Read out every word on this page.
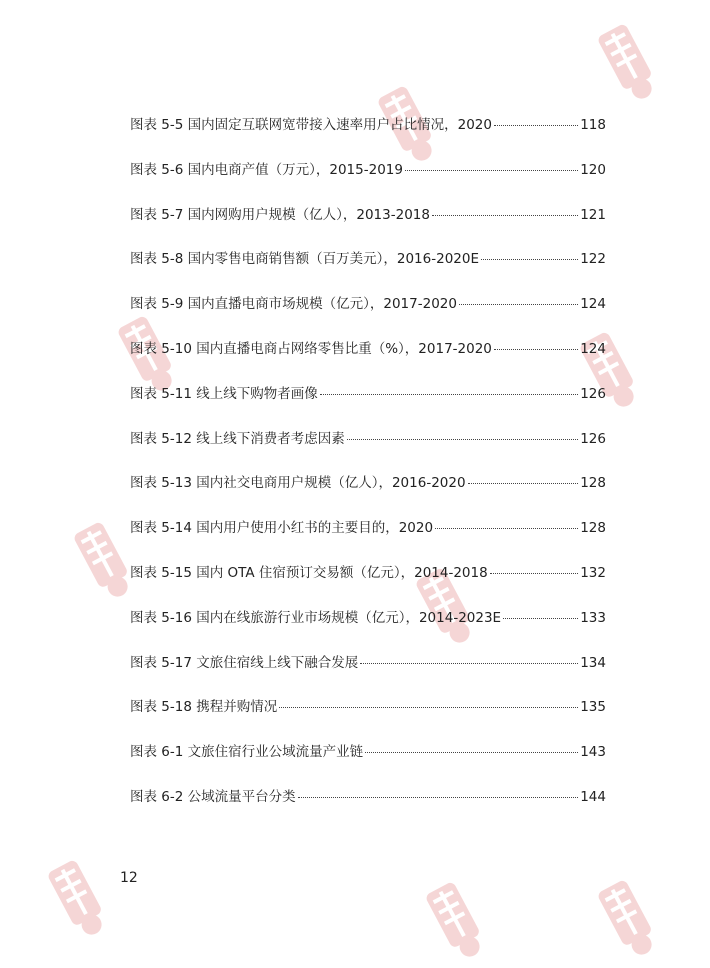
图表 5-5 国内固定互联网宽带接入速率用户占比情况，2020	118
图表 5-6 国内电商产值（万元），2015-2019	120
图表 5-7 国内网购用户规模（亿人），2013-2018	121
图表 5-8 国内零售电商销售额（百万美元），2016-2020E	122
图表 5-9 国内直播电商市场规模（亿元），2017-2020	124
图表 5-10 国内直播电商占网络零售比重（%），2017-2020	124
图表 5-11 线上线下购物者画像	126
图表 5-12 线上线下消费者考虑因素	126
图表 5-13 国内社交电商用户规模（亿人），2016-2020	128
图表 5-14 国内用户使用小红书的主要目的，2020	128
图表 5-15 国内 OTA 住宿预订交易额（亿元），2014-2018	132
图表 5-16 国内在线旅游行业市场规模（亿元），2014-2023E	133
图表 5-17 文旅住宿线上线下融合发展	134
图表 5-18 携程并购情况	135
图表 6-1 文旅住宿行业公域流量产业链	143
图表 6-2 公域流量平台分类	144
12
